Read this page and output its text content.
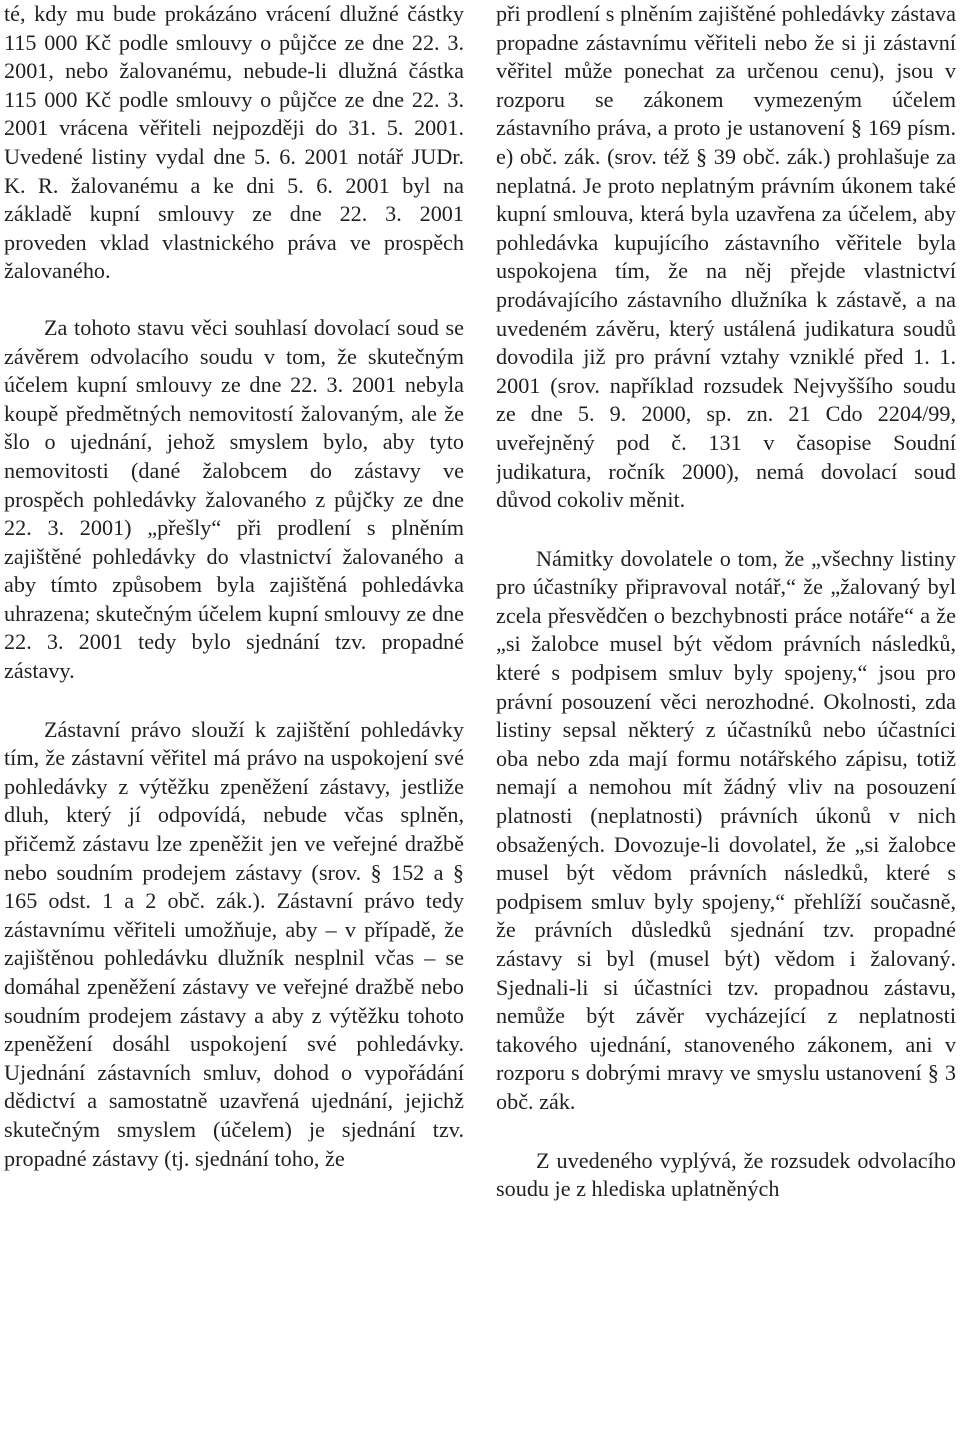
té, kdy mu bude prokázáno vrácení dlužné částky 115 000 Kč podle smlouvy o půjčce ze dne 22. 3. 2001, nebo žalovanému, nebude-li dlužná částka 115 000 Kč podle smlouvy o půjčce ze dne 22. 3. 2001 vrácena věřiteli nejpozději do 31. 5. 2001. Uvedené listiny vydal dne 5. 6. 2001 notář JUDr. K. R. žalovanému a ke dni 5. 6. 2001 byl na základě kupní smlouvy ze dne 22. 3. 2001 proveden vklad vlastnického práva ve prospěch žalovaného.

Za tohoto stavu věci souhlasí dovolací soud se závěrem odvolacího soudu v tom, že skutečným účelem kupní smlouvy ze dne 22. 3. 2001 nebyla koupě předmětných nemovitostí žalovaným, ale že šlo o ujednání, jehož smyslem bylo, aby tyto nemovitosti (dané žalobcem do zástavy ve prospěch pohledávky žalovaného z půjčky ze dne 22. 3. 2001) „přešly“ při prodlení s plněním zajištěné pohledávky do vlastnictví žalovaného a aby tímto způsobem byla zajištěná pohledávka uhrazena; skutečným účelem kupní smlouvy ze dne 22. 3. 2001 tedy bylo sjednání tzv. propadné zástavy.

Zástavní právo slouží k zajištění pohledávky tím, že zástavní věřitel má právo na uspokojení své pohledávky z výtěžku zpeněžení zástavy, jestliže dluh, který jí odpovídá, nebude včas splněn, přičemž zástavu lze zpeněžit jen ve veřejné dražbě nebo soudním prodejem zástavy (srov. § 152 a § 165 odst. 1 a 2 obč. zák.). Zástavní právo tedy zástavnímu věřiteli umožňuje, aby – v případě, že zajištěnou pohledávku dlužník nesplnil včas – se domáhal zpeněžení zástavy ve veřejné dražbě nebo soudním prodejem zástavy a aby z výtěžku tohoto zpeněžení dosáhl uspokojení své pohledávky. Ujednání zástavních smluv, dohod o vypořádání dědictví a samostatně uzavřená ujednání, jejichž skutečným smyslem (účelem) je sjednání tzv. propadné zástavy (tj. sjednání toho, že

při prodlení s plněním zajištěné pohledávky zástava propadne zástavnímu věřiteli nebo že si ji zástavní věřitel může ponechat za určenou cenu), jsou v rozporu se zákonem vymezeným účelem zástavního práva, a proto je ustanovení § 169 písm. e) obč. zák. (srov. též § 39 obč. zák.) prohlašuje za neplatná. Je proto neplatným právním úkonem také kupní smlouva, která byla uzavřena za účelem, aby pohledávka kupujícího zástavního věřitele byla uspokojena tím, že na něj přejde vlastnictví prodávajícího zástavního dlužníka k zástavě, a na uvedeném závěru, který ustálená judikatura soudů dovodila již pro právní vztahy vzniklé před 1. 1. 2001 (srov. například rozsudek Nejvyššího soudu ze dne 5. 9. 2000, sp. zn. 21 Cdo 2204/99, uveřejněný pod č. 131 v časopise Soudní judikatura, ročník 2000), nemá dovolací soud důvod cokoliv měnit.

Námitky dovolatele o tom, že „všechny listiny pro účastníky připravoval notář,“ že „žalovaný byl zcela přesvědčen o bezchybnosti práce notáře“ a že „si žalobce musel být vědom právních následků, které s podpisem smluv byly spojeny,“ jsou pro právní posouzení věci nerozhodné. Okolnosti, zda listiny sepsal některý z účastníků nebo účastníci oba nebo zda mají formu notářského zápisu, totiž nemají a nemohou mít žádný vliv na posouzení platnosti (neplatnosti) právních úkonů v nich obsažených. Dovozuje-li dovolatel, že „si žalobce musel být vědom právních následků, které s podpisem smluv byly spojeny,“ přehlíží současně, že právních důsledků sjednání tzv. propadné zástavy si byl (musel být) vědom i žalovaný. Sjednali-li si účastníci tzv. propadnou zástavu, nemůže být závěr vycházející z neplatnosti takového ujednání, stanoveného zákonem, ani v rozporu s dobrými mravy ve smyslu ustanovení § 3 obč. zák.

Z uvedeného vyplývá, že rozsudek odvolacího soudu je z hlediska uplatněných
